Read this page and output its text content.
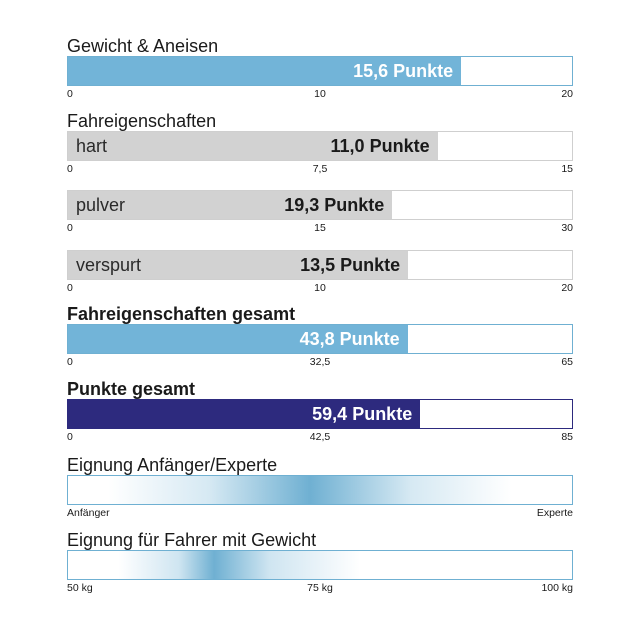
Gewicht & Aneisen
15,6 Punkte
0	10	20
Fahreigenschaften
11,0 Punkte
hart
0	7,5	15
19,3 Punkte
pulver
0	15	30
13,5 Punkte
verspurt
0	10	20
Fahreigenschaften gesamt
43,8 Punkte
0	32,5	65
Punkte gesamt
59,4 Punkte
0	42,5	85
Eignung Anfänger/Experte
Anfänger	Experte
Eignung für Fahrer mit Gewicht
50 kg	75 kg	100 kg
